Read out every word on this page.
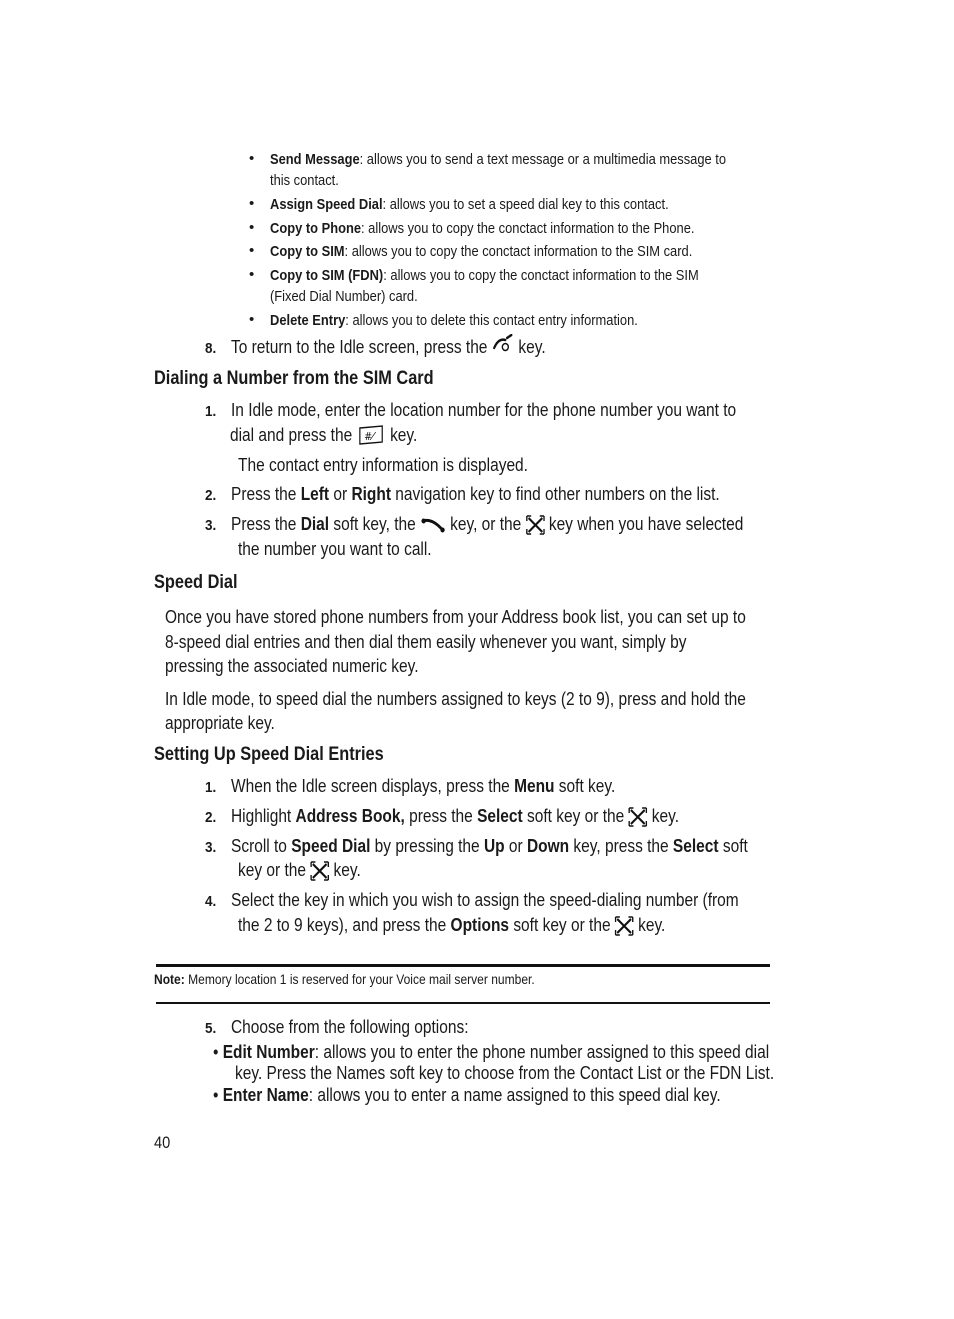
• Send Message: allows you to send a text message or a multimedia message to
this contact.
• Assign Speed Dial: allows you to set a speed dial key to this contact.
• Copy to Phone: allows you to copy the conctact information to the Phone.
• Copy to SIM: allows you to copy the conctact information to the SIM card.
• Copy to SIM (FDN): allows you to copy the conctact information to the SIM
(Fixed Dial Number) card.
• Delete Entry: allows you to delete this contact entry information.
8. To return to the Idle screen, press the key.
Dialing a Number from the SIM Card
1. In Idle mode, enter the location number for the phone number you want to
dial and press the #⁄ key.
The contact entry information is displayed.
2. Press the Left or Right navigation key to find other numbers on the list.
3. Press the Dial soft key, the key, or the key when you have selected
the number you want to call.
Speed Dial
Once you have stored phone numbers from your Address book list, you can set up to
8-speed dial entries and then dial them easily whenever you want, simply by
pressing the associated numeric key.
In Idle mode, to speed dial the numbers assigned to keys (2 to 9), press and hold the
appropriate key.
Setting Up Speed Dial Entries
1. When the Idle screen displays, press the Menu soft key.
2. Highlight Address Book, press the Select soft key or the key.
3. Scroll to Speed Dial by pressing the Up or Down key, press the Select soft
key or the key.
4. Select the key in which you wish to assign the speed-dialing number (from
the 2 to 9 keys), and press the Options soft key or the key.
Note: Memory location 1 is reserved for your Voice mail server number.
5. Choose from the following options:
• Edit Number: allows you to enter the phone number assigned to this speed dial
key. Press the Names soft key to choose from the Contact List or the FDN List.
• Enter Name: allows you to enter a name assigned to this speed dial key.
40
